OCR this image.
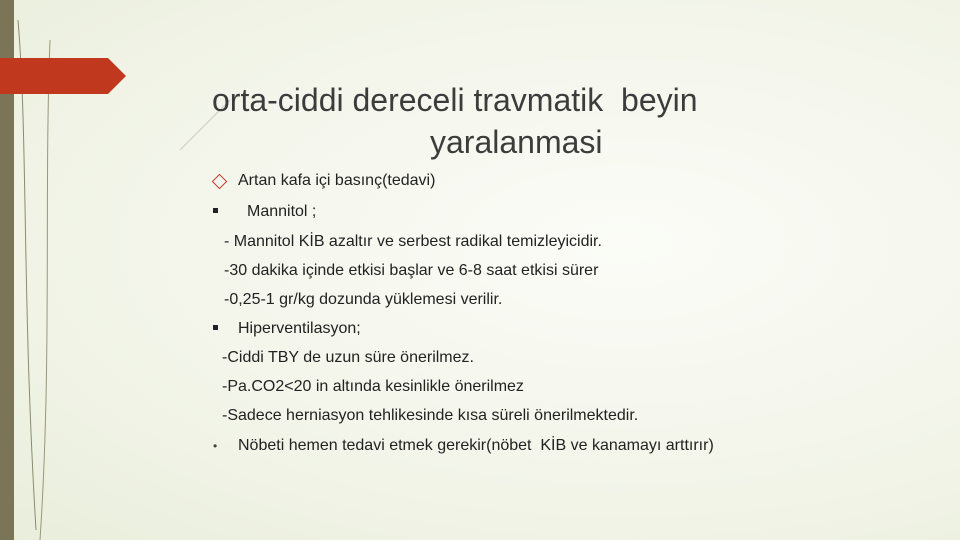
orta-ciddi dereceli travmatik  beyin
yaralanmasi
Artan kafa içi basınç(tedavi)
Mannitol ;
- Mannitol KİB azaltır ve serbest radikal temizleyicidir.
-30 dakika içinde etkisi başlar ve 6-8 saat etkisi sürer
-0,25-1 gr/kg dozunda yüklemesi verilir.
Hiperventilasyon;
-Ciddi TBY de uzun süre önerilmez.
-Pa.CO2<20 in altında kesinlikle önerilmez
-Sadece herniasyon tehlikesinde kısa süreli önerilmektedir.
• Nöbeti hemen tedavi etmek gerekir(nöbet  KİB ve kanamayı arttırır)
